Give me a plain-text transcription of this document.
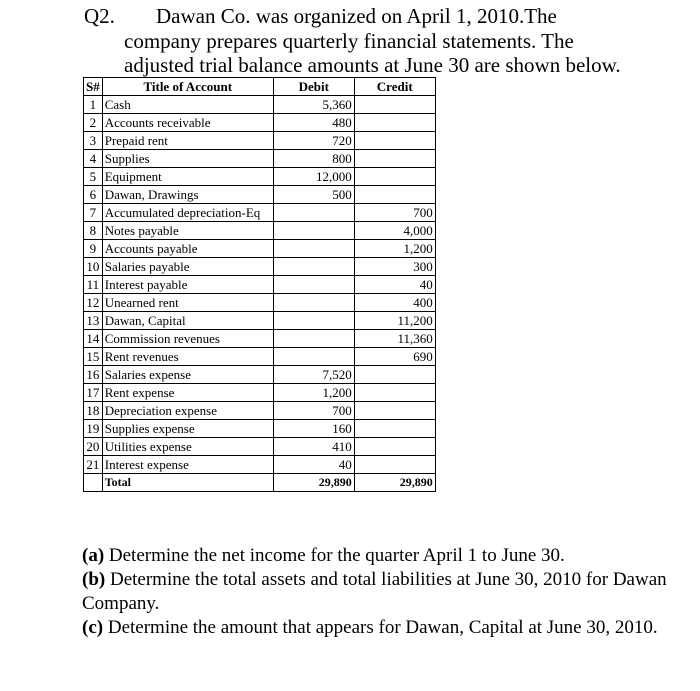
Q2. Dawan Co. was organized on April 1, 2010.The
company prepares quarterly financial statements. The
adjusted trial balance amounts at June 30 are shown below.
S#	Title of Account	Debit	Credit
1	Cash	5,360	
2	Accounts receivable	480	
3	Prepaid rent	720	
4	Supplies	800	
5	Equipment	12,000	
6	Dawan, Drawings	500	
7	Accumulated depreciation-Eq		700
8	Notes payable		4,000
9	Accounts payable		1,200
10	Salaries payable		300
11	Interest payable		40
12	Unearned rent		400
13	Dawan, Capital		11,200
14	Commission revenues		11,360
15	Rent revenues		690
16	Salaries expense	7,520	
17	Rent expense	1,200	
18	Depreciation expense	700	
19	Supplies expense	160	
20	Utilities expense	410	
21	Interest expense	40	
	Total	29,890	29,890

(a) Determine the net income for the quarter April 1 to June 30.

(b) Determine the total assets and total liabilities at June 30, 2010 for Dawan Company.

(c) Determine the amount that appears for Dawan, Capital at June 30, 2010.
